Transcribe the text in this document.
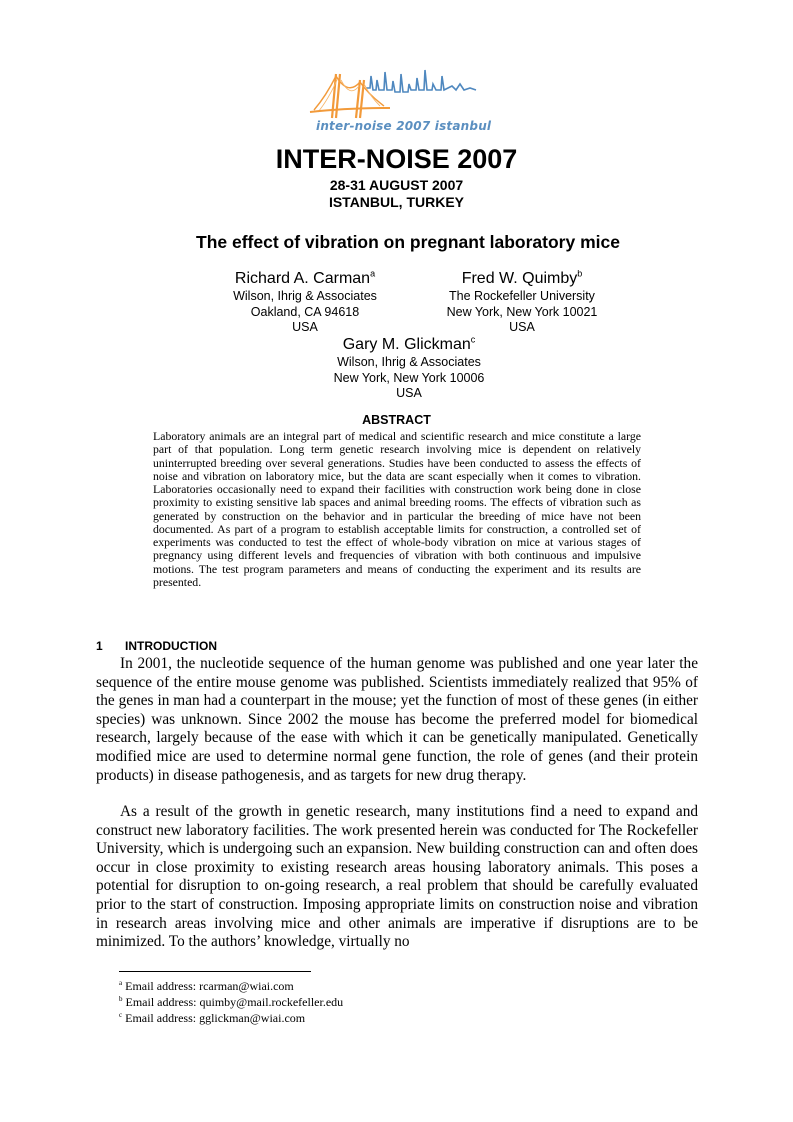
inter-noise 2007 istanbul
INTER-NOISE 2007
28-31 AUGUST 2007
ISTANBUL, TURKEY
The effect of vibration on pregnant laboratory mice
Richard A. Carman$^a$
Wilson, Ihrig & Associates
Oakland, CA 94618
USA
Fred W. Quimby$^b$
The Rockefeller University
New York, New York 10021
USA
Gary M. Glickman$^c$
Wilson, Ihrig & Associates
New York, New York 10006
USA
ABSTRACT
Laboratory animals are an integral part of medical and scientific research and mice constitute a large part of that population. Long term genetic research involving mice is dependent on relatively uninterrupted breeding over several generations. Studies have been conducted to assess the effects of noise and vibration on laboratory mice, but the data are scant especially when it comes to vibration. Laboratories occasionally need to expand their facilities with construction work being done in close proximity to existing sensitive lab spaces and animal breeding rooms. The effects of vibration such as generated by construction on the behavior and in particular the breeding of mice have not been documented. As part of a program to establish acceptable limits for construction, a controlled set of experiments was conducted to test the effect of whole-body vibration on mice at various stages of pregnancy using different levels and frequencies of vibration with both continuous and impulsive motions. The test program parameters and means of conducting the experiment and its results are presented.
1 INTRODUCTION

In 2001, the nucleotide sequence of the human genome was published and one year later the sequence of the entire mouse genome was published. Scientists immediately realized that 95% of the genes in man had a counterpart in the mouse; yet the function of most of these genes (in either species) was unknown. Since 2002 the mouse has become the preferred model for biomedical research, largely because of the ease with which it can be genetically manipulated. Genetically modified mice are used to determine normal gene function, the role of genes (and their protein products) in disease pathogenesis, and as targets for new drug therapy.

As a result of the growth in genetic research, many institutions find a need to expand and construct new laboratory facilities. The work presented herein was conducted for The Rockefeller University, which is undergoing such an expansion. New building construction can and often does occur in close proximity to existing research areas housing laboratory animals. This poses a potential for disruption to on-going research, a real problem that should be carefully evaluated prior to the start of construction. Imposing appropriate limits on construction noise and vibration in research areas involving mice and other animals are imperative if disruptions are to be minimized. To the authors’ knowledge, virtually no

$^a$ Email address: rcarman@wiai.com
$^b$ Email address: quimby@mail.rockefeller.edu
$^c$ Email address: gglickman@wiai.com
